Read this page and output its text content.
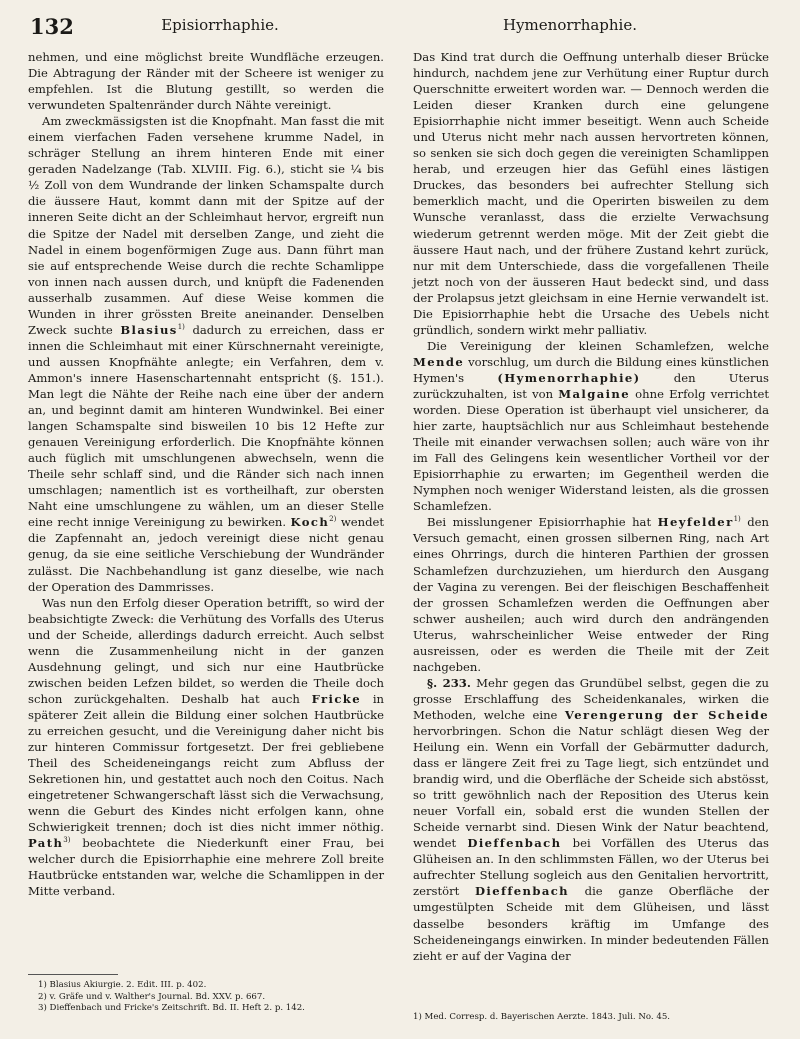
132	Episiorrhaphie.	Hymenorrhaphie.

nehmen, und eine möglichst breite Wundfläche erzeugen. Die Abtragung der Ränder mit der Scheere ist weniger zu empfehlen. Ist die Blutung gestillt, so werden die verwundeten Spaltenränder durch Nähte vereinigt.

Am zweckmässigsten ist die Knopfnaht. Man fasst die mit einem vierfachen Faden versehene krumme Nadel, in schräger Stellung an ihrem hinteren Ende mit einer geraden Nadelzange (Tab. XLVIII. Fig. 6.), sticht sie ¼ bis ½ Zoll von dem Wundrande der linken Schamspalte durch die äussere Haut, kommt dann mit der Spitze auf der inneren Seite dicht an der Schleimhaut hervor, ergreift nun die Spitze der Nadel mit derselben Zange, und zieht die Nadel in einem bogenförmigen Zuge aus. Dann führt man sie auf entsprechende Weise durch die rechte Schamlippe von innen nach aussen durch, und knüpft die Fadenenden ausserhalb zusammen. Auf diese Weise kommen die Wunden in ihrer grössten Breite aneinander. Denselben Zweck suchte Blasius$^{1)}$ dadurch zu erreichen, dass er innen die Schleimhaut mit einer Kürschnernaht vereinigte, und aussen Knopfnähte anlegte; ein Verfahren, dem v. Ammon's innere Hasenschartennaht entspricht (§. 151.). Man legt die Nähte der Reihe nach eine über der andern an, und beginnt damit am hinteren Wundwinkel. Bei einer langen Schamspalte sind bisweilen 10 bis 12 Hefte zur genauen Vereinigung erforderlich. Die Knopfnähte können auch füglich mit umschlungenen abwechseln, wenn die Theile sehr schlaff sind, und die Ränder sich nach innen umschlagen; namentlich ist es vortheilhaft, zur obersten Naht eine umschlungene zu wählen, um an dieser Stelle eine recht innige Vereinigung zu bewirken. Koch$^{2)}$ wendet die Zapfennaht an, jedoch vereinigt diese nicht genau genug, da sie eine seitliche Verschiebung der Wundränder zulässt. Die Nachbehandlung ist ganz dieselbe, wie nach der Operation des Dammrisses.

Was nun den Erfolg dieser Operation betrifft, so wird der beabsichtigte Zweck: die Verhütung des Vorfalls des Uterus und der Scheide, allerdings dadurch erreicht. Auch selbst wenn die Zusammenheilung nicht in der ganzen Ausdehnung gelingt, und sich nur eine Hautbrücke zwischen beiden Lefzen bildet, so werden die Theile doch schon zurückgehalten. Deshalb hat auch Fricke in späterer Zeit allein die Bildung einer solchen Hautbrücke zu erreichen gesucht, und die Vereinigung daher nicht bis zur hinteren Commissur fortgesetzt. Der frei gebliebene Theil des Scheideneingangs reicht zum Abfluss der Sekretionen hin, und gestattet auch noch den Coitus. Nach eingetretener Schwangerschaft lässt sich die Verwachsung, wenn die Geburt des Kindes nicht erfolgen kann, ohne Schwierigkeit trennen; doch ist dies nicht immer nöthig. Path$^{3)}$ beobachtete die Niederkunft einer Frau, bei welcher durch die Episiorrhaphie eine mehrere Zoll breite Hautbrücke entstanden war, welche die Schamlippen in der Mitte verband.

Das Kind trat durch die Oeffnung unterhalb dieser Brücke hindurch, nachdem jene zur Verhütung einer Ruptur durch Querschnitte erweitert worden war. — Dennoch werden die Leiden dieser Kranken durch eine gelungene Episiorrhaphie nicht immer beseitigt. Wenn auch Scheide und Uterus nicht mehr nach aussen hervortreten können, so senken sie sich doch gegen die vereinigten Schamlippen herab, und erzeugen hier das Gefühl eines lästigen Druckes, das besonders bei aufrechter Stellung sich bemerklich macht, und die Operirten bisweilen zu dem Wunsche veranlasst, dass die erzielte Verwachsung wiederum getrennt werden möge. Mit der Zeit giebt die äussere Haut nach, und der frühere Zustand kehrt zurück, nur mit dem Unterschiede, dass die vorgefallenen Theile jetzt noch von der äusseren Haut bedeckt sind, und dass der Prolapsus jetzt gleichsam in eine Hernie verwandelt ist. Die Episiorrhaphie hebt die Ursache des Uebels nicht gründlich, sondern wirkt mehr palliativ.

Die Vereinigung der kleinen Schamlefzen, welche Mende vorschlug, um durch die Bildung eines künstlichen Hymen's	(Hymenorrhaphie)	den Uterus zurückzuhalten, ist von Malgaine ohne Erfolg verrichtet worden. Diese Operation ist überhaupt viel unsicherer, da hier zarte, hauptsächlich nur aus Schleimhaut bestehende Theile mit einander verwachsen sollen; auch wäre von ihr im Fall des Gelingens kein wesentlicher Vortheil vor der Episiorrhaphie zu erwarten; im Gegentheil werden die Nymphen noch weniger Widerstand leisten, als die grossen Schamlefzen.

Bei misslungener Episiorrhaphie hat Heyfelder$^{1)}$ den Versuch gemacht, einen grossen silbernen Ring, nach Art eines Ohrrings, durch die hinteren Parthien der grossen Schamlefzen durchzuziehen, um hierdurch den Ausgang der Vagina zu verengen. Bei der fleischigen Beschaffenheit der grossen Schamlefzen werden die Oeffnungen aber schwer ausheilen; auch wird durch den andrängenden Uterus, wahrscheinlicher Weise entweder der Ring ausreissen, oder es werden die Theile mit der Zeit nachgeben.

§. 233. Mehr gegen das Grundübel selbst, gegen die zu grosse Erschlaffung des Scheidenkanales, wirken die Methoden, welche eine Verengerung der Scheide hervorbringen. Schon die Natur schlägt diesen Weg der Heilung ein. Wenn ein Vorfall der Gebärmutter dadurch, dass er längere Zeit frei zu Tage liegt, sich entzündet und brandig wird, und die Oberfläche der Scheide sich abstösst, so tritt gewöhnlich nach der Reposition des Uterus kein neuer Vorfall ein, sobald erst die wunden Stellen der Scheide vernarbt sind. Diesen Wink der Natur beachtend, wendet Dieffenbach bei Vorfällen des Uterus das Glüheisen an. In den schlimmsten Fällen, wo der Uterus bei aufrechter Stellung sogleich aus den Genitalien hervortritt, zerstört Dieffenbach die ganze Oberfläche der umgestülpten Scheide mit dem Glüheisen, und lässt dasselbe besonders kräftig im Umfange des Scheideneingangs einwirken. In minder bedeutenden Fällen zieht er auf der Vagina der

1) Blasius Akiurgie. 2. Edit. III. p. 402.
2) v. Gräfe und v. Walther's Journal. Bd. XXV. p. 667.
3) Dieffenbach und Fricke's Zeitschrift. Bd. II. Heft 2. p. 142.
1) Med. Corresp. d. Bayerischen Aerzte. 1843. Juli. No. 45.
